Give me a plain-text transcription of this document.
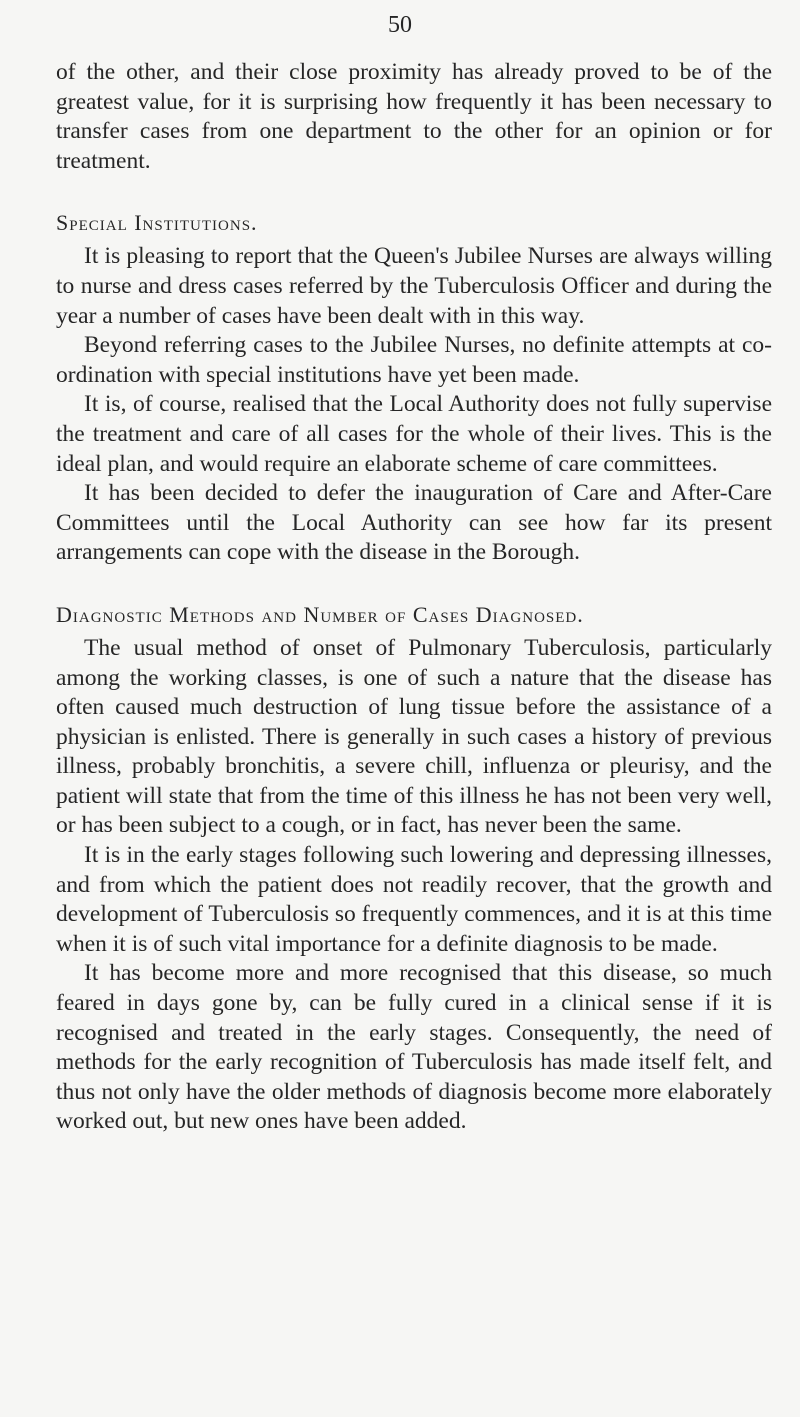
50

of the other, and their close proximity has already proved to be of the greatest value, for it is surprising how frequently it has been necessary to transfer cases from one department to the other for an opinion or for treatment.

Special Institutions.

It is pleasing to report that the Queen's Jubilee Nurses are always willing to nurse and dress cases referred by the Tuberculosis Officer and during the year a number of cases have been dealt with in this way.

Beyond referring cases to the Jubilee Nurses, no definite attempts at co-ordination with special institutions have yet been made.

It is, of course, realised that the Local Authority does not fully supervise the treatment and care of all cases for the whole of their lives. This is the ideal plan, and would require an elaborate scheme of care committees.

It has been decided to defer the inauguration of Care and After-Care Committees until the Local Authority can see how far its present arrangements can cope with the disease in the Borough.

Diagnostic Methods and Number of Cases Diagnosed.

The usual method of onset of Pulmonary Tuberculosis, particularly among the working classes, is one of such a nature that the disease has often caused much destruction of lung tissue before the assistance of a physician is enlisted. There is generally in such cases a history of previous illness, probably bronchitis, a severe chill, influenza or pleurisy, and the patient will state that from the time of this illness he has not been very well, or has been subject to a cough, or in fact, has never been the same.

It is in the early stages following such lowering and depressing illnesses, and from which the patient does not readily recover, that the growth and development of Tuberculosis so frequently commences, and it is at this time when it is of such vital importance for a definite diagnosis to be made.

It has become more and more recognised that this disease, so much feared in days gone by, can be fully cured in a clinical sense if it is recognised and treated in the early stages. Consequently, the need of methods for the early recognition of Tuberculosis has made itself felt, and thus not only have the older methods of diagnosis become more elaborately worked out, but new ones have been added.
